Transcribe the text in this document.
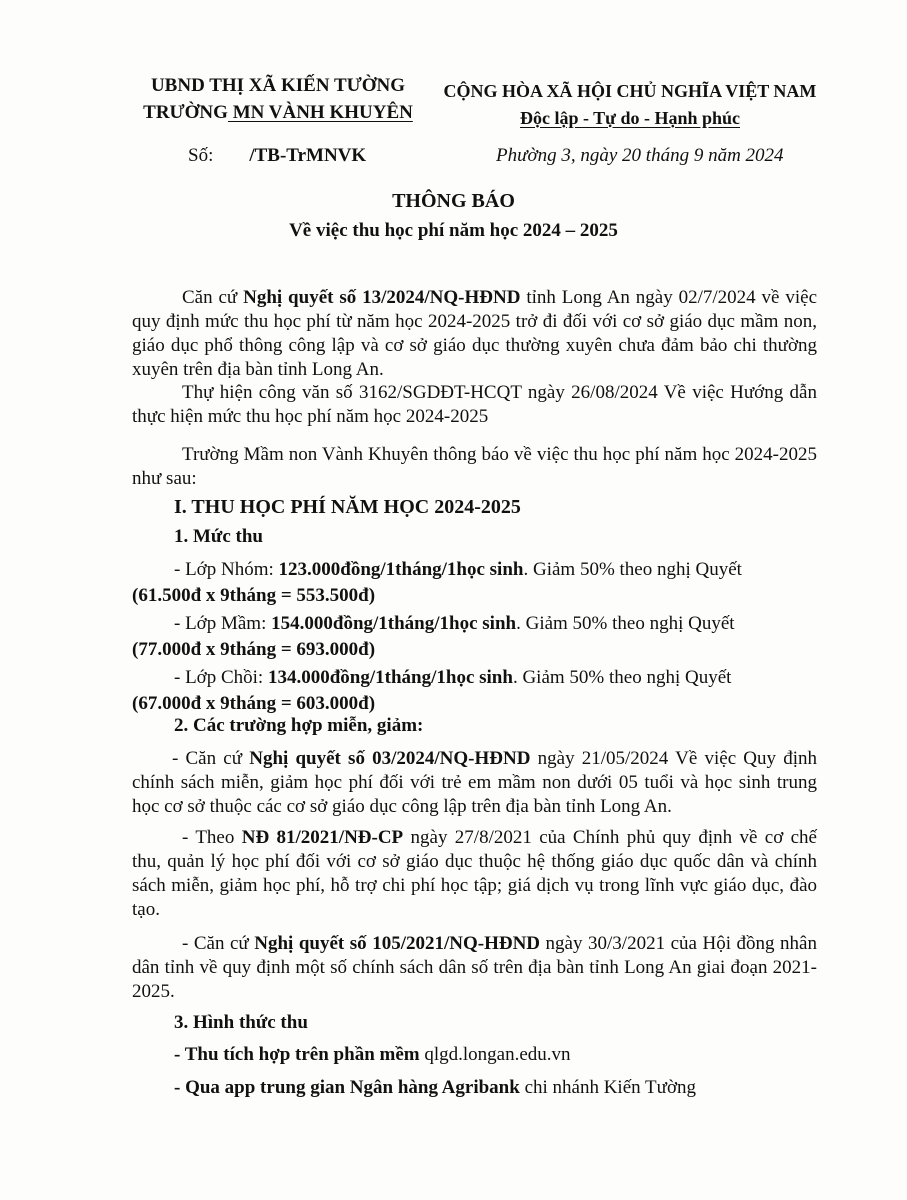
UBND THỊ XÃ KIẾN TƯỜNG
TRƯỜNG MN VÀNH KHUYÊN
CỘNG HÒA XÃ HỘI CHỦ NGHĨA VIỆT NAM
Độc lập - Tự do - Hạnh phúc
Số: /TB-TrMNVK	Phường 3, ngày 20 tháng 9 năm 2024
THÔNG BÁO
Về việc thu học phí năm học 2024 – 2025

Căn cứ Nghị quyết số 13/2024/NQ-HĐND tỉnh Long An ngày 02/7/2024 về việc quy định mức thu học phí từ năm học 2024-2025 trở đi đối với cơ sở giáo dục mầm non, giáo dục phổ thông công lập và cơ sở giáo dục thường xuyên chưa đảm bảo chi thường xuyên trên địa bàn tỉnh Long An.

Thự hiện công văn số 3162/SGDĐT-HCQT ngày 26/08/2024 Về việc Hướng dẫn thực hiện mức thu học phí năm học 2024-2025

Trường Mầm non Vành Khuyên thông báo về việc thu học phí năm học 2024-2025 như sau:

I. THU HỌC PHÍ NĂM HỌC 2024-2025
1. Mức thu
- Lớp Nhóm: 123.000đồng/1tháng/1học sinh. Giảm 50% theo nghị Quyết
(61.500đ x 9tháng = 553.500đ)
- Lớp Mầm: 154.000đồng/1tháng/1học sinh. Giảm 50% theo nghị Quyết
(77.000đ x 9tháng = 693.000đ)
- Lớp Chồi: 134.000đồng/1tháng/1học sinh. Giảm 50% theo nghị Quyết
(67.000đ x 9tháng = 603.000đ)
2. Các trường hợp miễn, giảm:

- Căn cứ Nghị quyết số 03/2024/NQ-HĐND ngày 21/05/2024 Về việc Quy định chính sách miễn, giảm học phí đối với trẻ em mầm non dưới 05 tuổi và học sinh trung học cơ sở thuộc các cơ sở giáo dục công lập trên địa bàn tỉnh Long An.

- Theo NĐ 81/2021/NĐ-CP ngày 27/8/2021 của Chính phủ quy định về cơ chế thu, quản lý học phí đối với cơ sở giáo dục thuộc hệ thống giáo dục quốc dân và chính sách miễn, giảm học phí, hỗ trợ chi phí học tập; giá dịch vụ trong lĩnh vực giáo dục, đào tạo.

- Căn cứ Nghị quyết số 105/2021/NQ-HĐND ngày 30/3/2021 của Hội đồng nhân dân tỉnh về quy định một số chính sách dân số trên địa bàn tỉnh Long An giai đoạn 2021-2025.

3. Hình thức thu
- Thu tích hợp trên phần mềm qlgd.longan.edu.vn
- Qua app trung gian Ngân hàng Agribank chi nhánh Kiến Tường
